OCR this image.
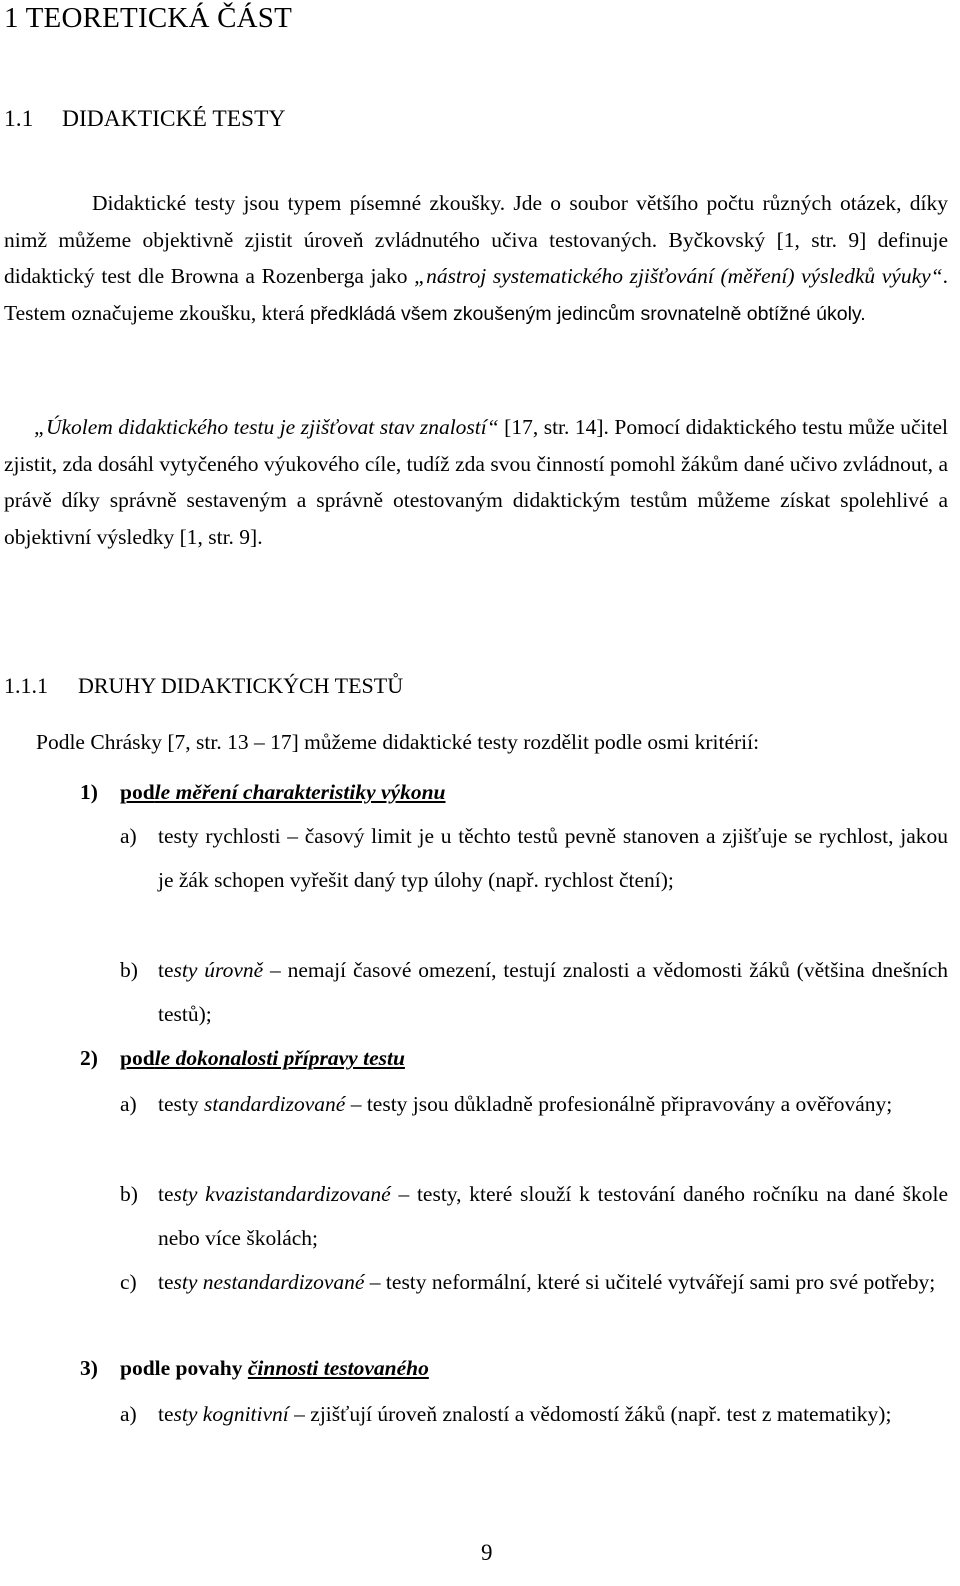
1 TEORETICKÁ ČÁST
1.1 DIDAKTICKÉ TESTY

Didaktické testy jsou typem písemné zkoušky. Jde o soubor většího počtu různých otázek, díky nimž můžeme objektivně zjistit úroveň zvládnutého učiva testovaných. Byčkovský [1, str. 9] definuje didaktický test dle Browna a Rozenberga jako „nástroj systematického zjišťování (měření) výsledků výuky“. Testem označujeme zkoušku, která předkládá všem zkoušeným jedincům srovnatelně obtížné úkoly.

„Úkolem didaktického testu je zjišťovat stav znalostí“ [17, str. 14]. Pomocí didaktického testu může učitel zjistit, zda dosáhl vytyčeného výukového cíle, tudíž zda svou činností pomohl žákům dané učivo zvládnout, a právě díky správně sestaveným a správně otestovaným didaktickým testům můžeme získat spolehlivé a objektivní výsledky [1, str. 9].

1.1.1 DRUHY DIDAKTICKÝCH TESTŮ

Podle Chrásky [7, str. 13 – 17] můžeme didaktické testy rozdělit podle osmi kritérií:

1) podle měření charakteristiky výkonu

a) testy rychlosti – časový limit je u těchto testů pevně stanoven a zjišťuje se rychlost, jakou je žák schopen vyřešit daný typ úlohy (např. rychlost čtení);
b) testy úrovně – nemají časové omezení, testují znalosti a vědomosti žáků (většina dnešních testů);

2) podle dokonalosti přípravy testu

a) testy standardizované – testy jsou důkladně profesionálně připravovány a ověřovány;
b) testy kvazistandardizované – testy, které slouží k testování daného ročníku na dané škole nebo více školách;
c) testy nestandardizované – testy neformální, které si učitelé vytvářejí sami pro své potřeby;

3) podle povahy činnosti testovaného

a) testy kognitivní – zjišťují úroveň znalostí a vědomostí žáků (např. test z matematiky);

9
